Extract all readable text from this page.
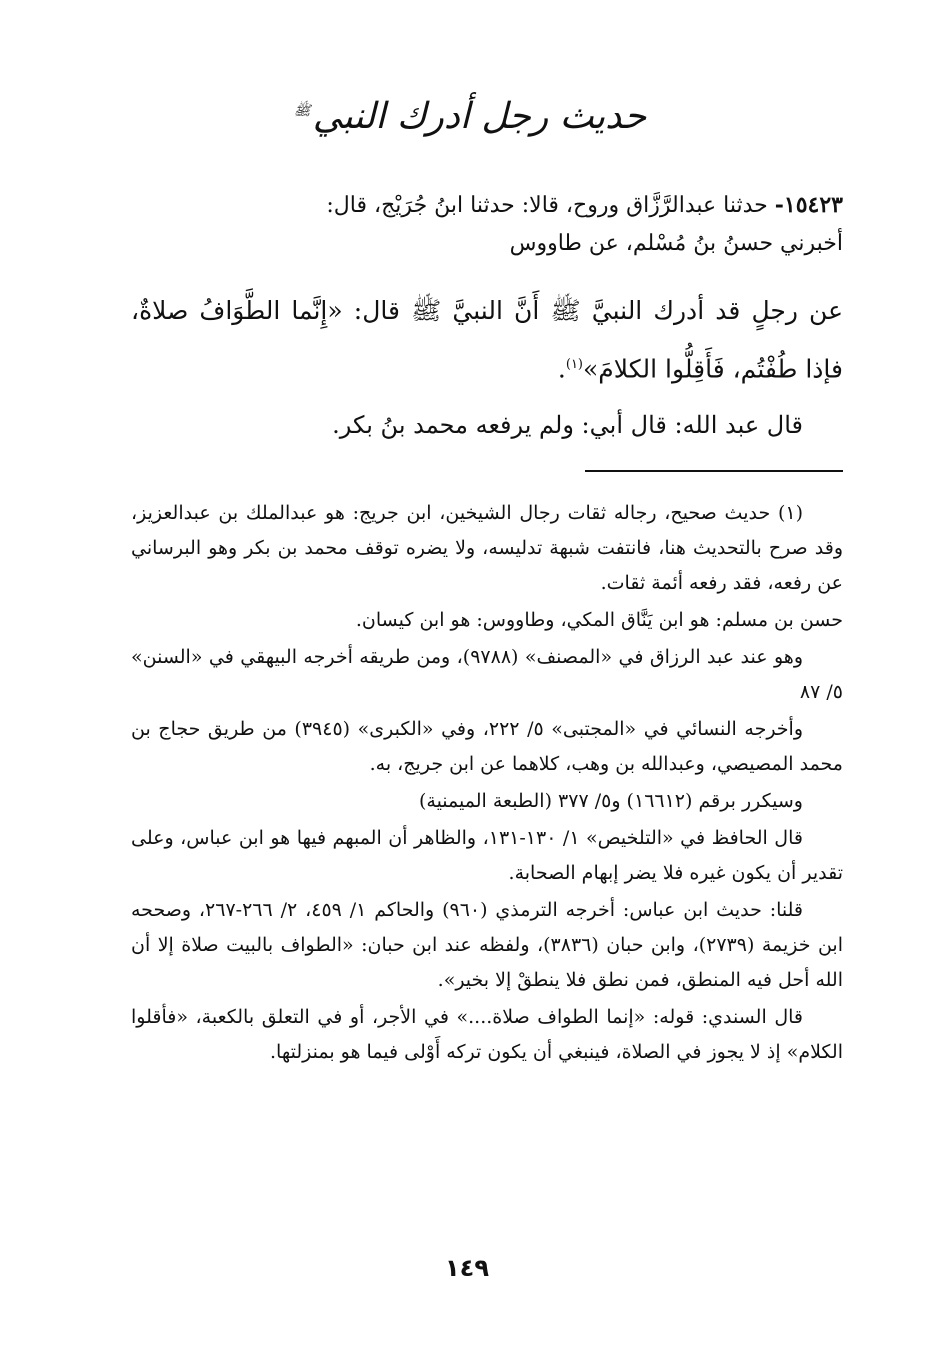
حديث رجل أدرك النبي$^ﷺ$
١٥٤٢٣- حدثنا عبدالرَّزَّاق وروح، قالا: حدثنا ابنُ جُرَيْج، قال:
أخبرني حسنُ بنُ مُسْلم، عن طاووس

عن رجلٍ قد أدرك النبيَّ ﷺ أَنَّ النبيَّ ﷺ قال: «إِنَّما الطَّوَافُ صلاةٌ، فإذا طُفْتُم، فَأَقِلُّوا الكلامَ»$^{(١)}$.

قال عبد الله: قال أبي: ولم يرفعه محمد بنُ بكر.

(١) حديث صحيح، رجاله ثقات رجال الشيخين، ابن جريج: هو عبدالملك بن عبدالعزيز، وقد صرح بالتحديث هنا، فانتفت شبهة تدليسه، ولا يضره توقف محمد بن بكر وهو البرساني عن رفعه، فقد رفعه أئمة ثقات.

حسن بن مسلم: هو ابن يَنَّاق المكي، وطاووس: هو ابن كيسان.

وهو عند عبد الرزاق في «المصنف» (٩٧٨٨)، ومن طريقه أخرجه البيهقي في «السنن» ٥/ ٨٧

وأخرجه النسائي في «المجتبى» ٥/ ٢٢٢، وفي «الكبرى» (٣٩٤٥) من طريق حجاج بن محمد المصيصي، وعبدالله بن وهب، كلاهما عن ابن جريج، به.

وسيكرر برقم (١٦٦١٢) و٥/ ٣٧٧ (الطبعة الميمنية)

قال الحافظ في «التلخيص» ١/ ١٣٠-١٣١، والظاهر أن المبهم فيها هو ابن عباس، وعلى تقدير أن يكون غيره فلا يضر إبهام الصحابة.

قلنا: حديث ابن عباس: أخرجه الترمذي (٩٦٠) والحاكم ١/ ٤٥٩، ٢/ ٢٦٦-٢٦٧، وصححه ابن خزيمة (٢٧٣٩)، وابن حبان (٣٨٣٦)، ولفظه عند ابن حبان: «الطواف بالبيت صلاة إلا أن الله أحل فيه المنطق، فمن نطق فلا ينطقْ إلا بخير».

قال السندي: قوله: «إنما الطواف صلاة....» في الأجر، أو في التعلق بالكعبة، «فأقلوا الكلام» إذ لا يجوز في الصلاة، فينبغي أن يكون تركه أَوْلى فيما هو بمنزلتها.

١٤٩
